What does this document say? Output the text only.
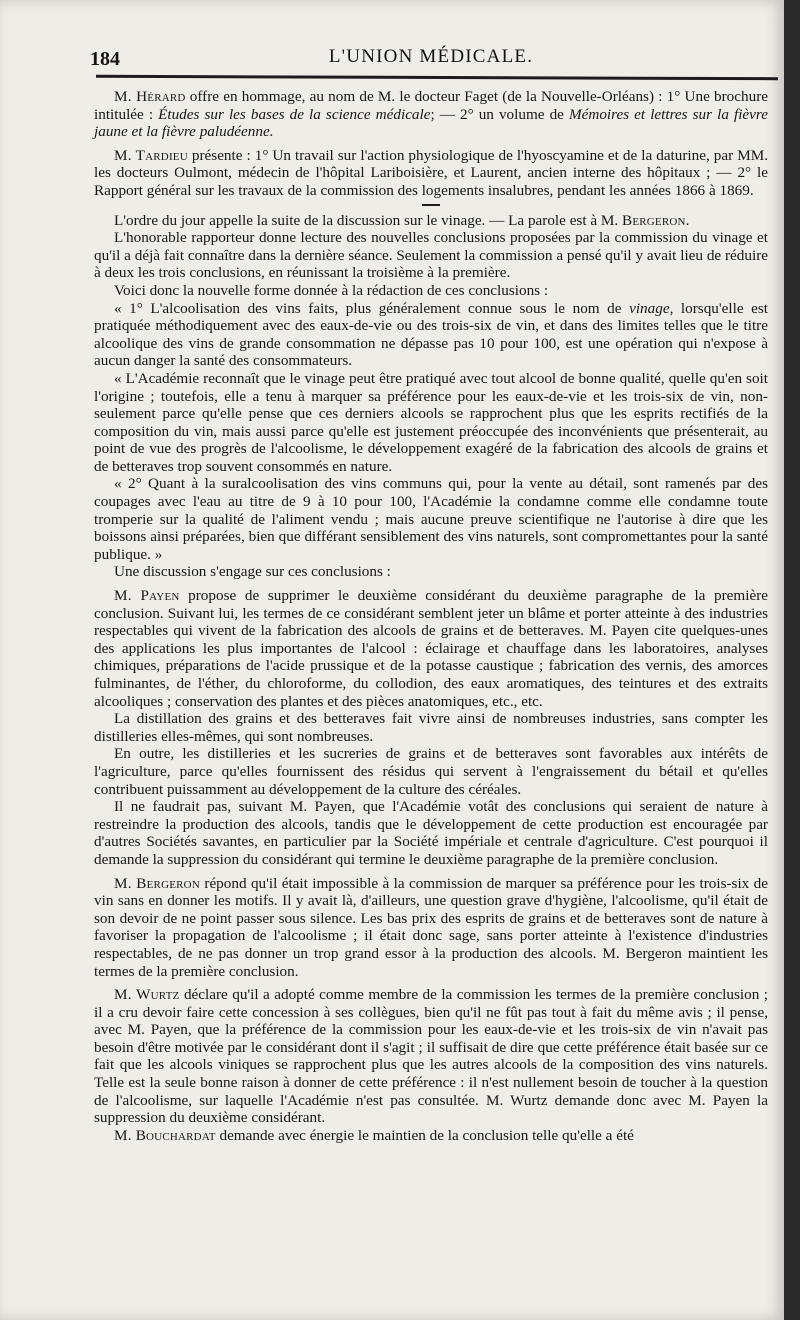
184	L'UNION MÉDICALE.

M. Hérard offre en hommage, au nom de M. le docteur Faget (de la Nouvelle-Orléans) : 1° Une brochure intitulée : Études sur les bases de la science médicale; — 2° un volume de Mémoires et lettres sur la fièvre jaune et la fièvre paludéenne.

M. Tardieu présente : 1° Un travail sur l'action physiologique de l'hyoscyamine et de la daturine, par MM. les docteurs Oulmont, médecin de l'hôpital Lariboisière, et Laurent, ancien interne des hôpitaux ; — 2° le Rapport général sur les travaux de la commission des logements insalubres, pendant les années 1866 à 1869.

L'ordre du jour appelle la suite de la discussion sur le vinage. — La parole est à M. Bergeron.

L'honorable rapporteur donne lecture des nouvelles conclusions proposées par la commission du vinage et qu'il a déjà fait connaître dans la dernière séance. Seulement la commission a pensé qu'il y avait lieu de réduire à deux les trois conclusions, en réunissant la troisième à la première.

Voici donc la nouvelle forme donnée à la rédaction de ces conclusions :

« 1° L'alcoolisation des vins faits, plus généralement connue sous le nom de vinage, lorsqu'elle est pratiquée méthodiquement avec des eaux-de-vie ou des trois-six de vin, et dans des limites telles que le titre alcoolique des vins de grande consommation ne dépasse pas 10 pour 100, est une opération qui n'expose à aucun danger la santé des consommateurs.

« L'Académie reconnaît que le vinage peut être pratiqué avec tout alcool de bonne qualité, quelle qu'en soit l'origine ; toutefois, elle a tenu à marquer sa préférence pour les eaux-de-vie et les trois-six de vin, non-seulement parce qu'elle pense que ces derniers alcools se rapprochent plus que les esprits rectifiés de la composition du vin, mais aussi parce qu'elle est justement préoccupée des inconvénients que présenterait, au point de vue des progrès de l'alcoolisme, le développement exagéré de la fabrication des alcools de grains et de betteraves trop souvent consommés en nature.

« 2° Quant à la suralcoolisation des vins communs qui, pour la vente au détail, sont ramenés par des coupages avec l'eau au titre de 9 à 10 pour 100, l'Académie la condamne comme elle condamne toute tromperie sur la qualité de l'aliment vendu ; mais aucune preuve scientifique ne l'autorise à dire que les boissons ainsi préparées, bien que différant sensiblement des vins naturels, sont compromettantes pour la santé publique. »

Une discussion s'engage sur ces conclusions :

M. Payen propose de supprimer le deuxième considérant du deuxième paragraphe de la première conclusion. Suivant lui, les termes de ce considérant semblent jeter un blâme et porter atteinte à des industries respectables qui vivent de la fabrication des alcools de grains et de betteraves. M. Payen cite quelques-unes des applications les plus importantes de l'alcool : éclairage et chauffage dans les laboratoires, analyses chimiques, préparations de l'acide prussique et de la potasse caustique ; fabrication des vernis, des amorces fulminantes, de l'éther, du chloroforme, du collodion, des eaux aromatiques, des teintures et des extraits alcooliques ; conservation des plantes et des pièces anatomiques, etc., etc.

La distillation des grains et des betteraves fait vivre ainsi de nombreuses industries, sans compter les distilleries elles-mêmes, qui sont nombreuses.

En outre, les distilleries et les sucreries de grains et de betteraves sont favorables aux intérêts de l'agriculture, parce qu'elles fournissent des résidus qui servent à l'engraissement du bétail et qu'elles contribuent puissamment au développement de la culture des céréales.

Il ne faudrait pas, suivant M. Payen, que l'Académie votât des conclusions qui seraient de nature à restreindre la production des alcools, tandis que le développement de cette production est encouragée par d'autres Sociétés savantes, en particulier par la Société impériale et centrale d'agriculture. C'est pourquoi il demande la suppression du considérant qui termine le deuxième paragraphe de la première conclusion.

M. Bergeron répond qu'il était impossible à la commission de marquer sa préférence pour les trois-six de vin sans en donner les motifs. Il y avait là, d'ailleurs, une question grave d'hygiène, l'alcoolisme, qu'il était de son devoir de ne point passer sous silence. Les bas prix des esprits de grains et de betteraves sont de nature à favoriser la propagation de l'alcoolisme ; il était donc sage, sans porter atteinte à l'existence d'industries respectables, de ne pas donner un trop grand essor à la production des alcools. M. Bergeron maintient les termes de la première conclusion.

M. Wurtz déclare qu'il a adopté comme membre de la commission les termes de la première conclusion ; il a cru devoir faire cette concession à ses collègues, bien qu'il ne fût pas tout à fait du même avis ; il pense, avec M. Payen, que la préférence de la commission pour les eaux-de-vie et les trois-six de vin n'avait pas besoin d'être motivée par le considérant dont il s'agit ; il suffisait de dire que cette préférence était basée sur ce fait que les alcools viniques se rapprochent plus que les autres alcools de la composition des vins naturels. Telle est la seule bonne raison à donner de cette préférence : il n'est nullement besoin de toucher à la question de l'alcoolisme, sur laquelle l'Académie n'est pas consultée. M. Wurtz demande donc avec M. Payen la suppression du deuxième considérant.

M. Bouchardat demande avec énergie le maintien de la conclusion telle qu'elle a été
